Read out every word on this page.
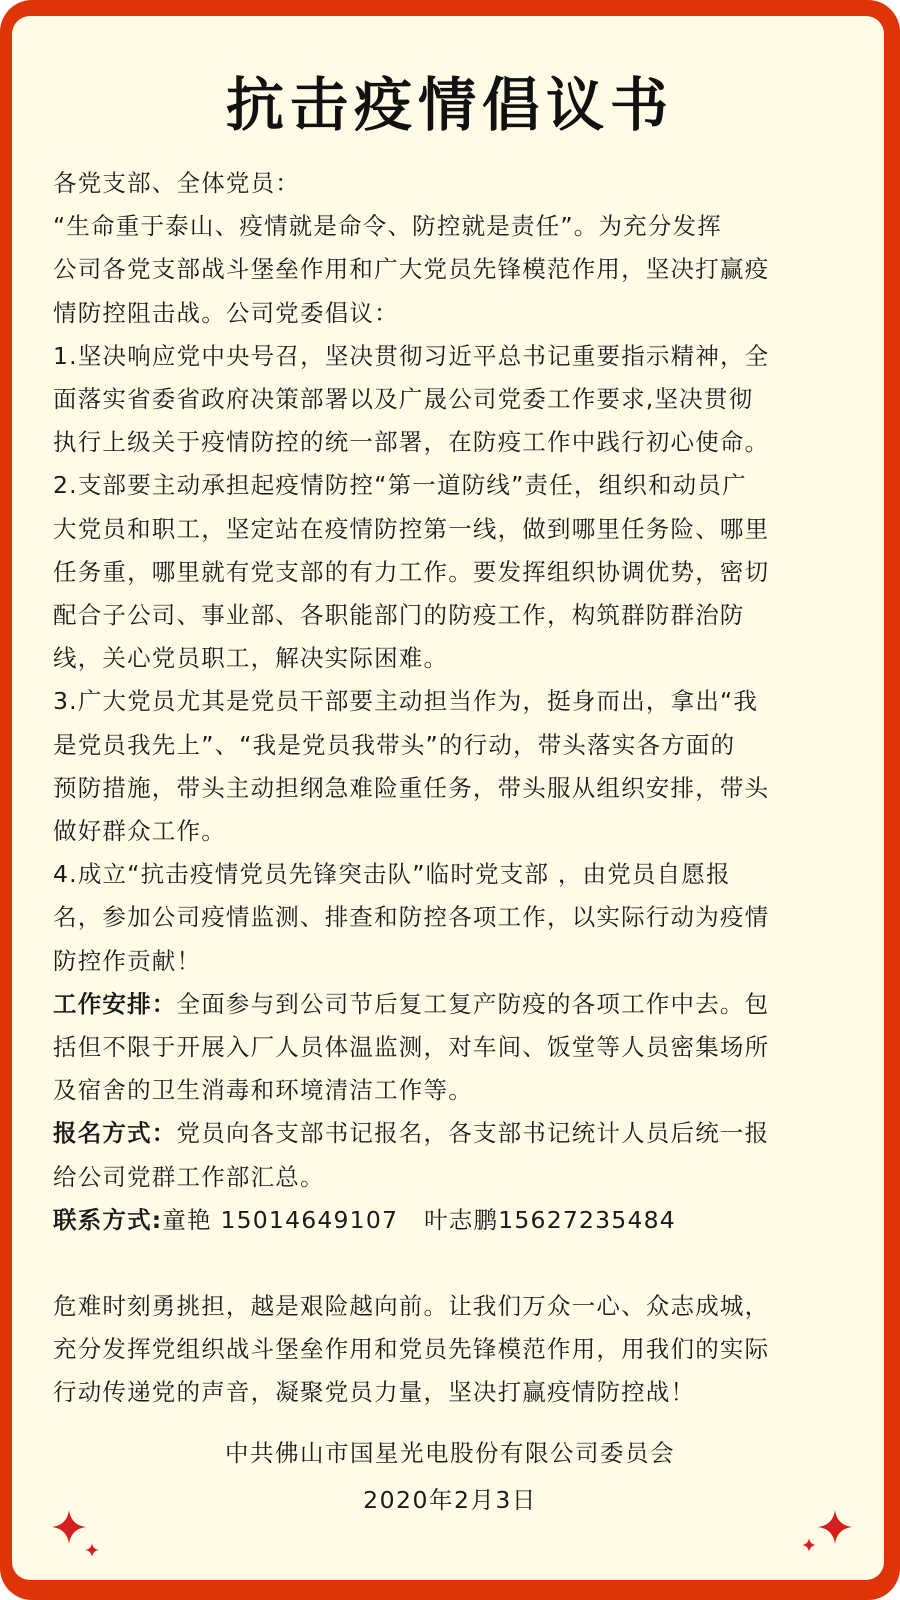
抗击疫情倡议书

各党支部、全体党员：

“生命重于泰山、疫情就是命令、防控就是责任”。为充分发挥

公司各党支部战斗堡垒作用和广大党员先锋模范作用，坚决打赢疫

情防控阻击战。公司党委倡议：

1.坚决响应党中央号召，坚决贯彻习近平总书记重要指示精神，全

面落实省委省政府决策部署以及广晟公司党委工作要求,坚决贯彻

执行上级关于疫情防控的统一部署，在防疫工作中践行初心使命。

2.支部要主动承担起疫情防控“第一道防线”责任，组织和动员广

大党员和职工，坚定站在疫情防控第一线，做到哪里任务险、哪里

任务重，哪里就有党支部的有力工作。要发挥组织协调优势，密切

配合子公司、事业部、各职能部门的防疫工作，构筑群防群治防

线，关心党员职工，解决实际困难。

3.广大党员尤其是党员干部要主动担当作为，挺身而出，拿出“我

是党员我先上”、“我是党员我带头”的行动，带头落实各方面的

预防措施，带头主动担纲急难险重任务，带头服从组织安排，带头

做好群众工作。

4.成立“抗击疫情党员先锋突击队”临时党支部 ，由党员自愿报

名，参加公司疫情监测、排查和防控各项工作，以实际行动为疫情

防控作贡献！

工作安排：全面参与到公司节后复工复产防疫的各项工作中去。包

括但不限于开展入厂人员体温监测，对车间、饭堂等人员密集场所

及宿舍的卫生消毒和环境清洁工作等。

报名方式：党员向各支部书记报名，各支部书记统计人员后统一报

给公司党群工作部汇总。

联系方式:童艳 15014649107   叶志鹏15627235484

危难时刻勇挑担，越是艰险越向前。让我们万众一心、众志成城，

充分发挥党组织战斗堡垒作用和党员先锋模范作用，用我们的实际

行动传递党的声音，凝聚党员力量，坚决打赢疫情防控战！

中共佛山市国星光电股份有限公司委员会
2020年2月3日
